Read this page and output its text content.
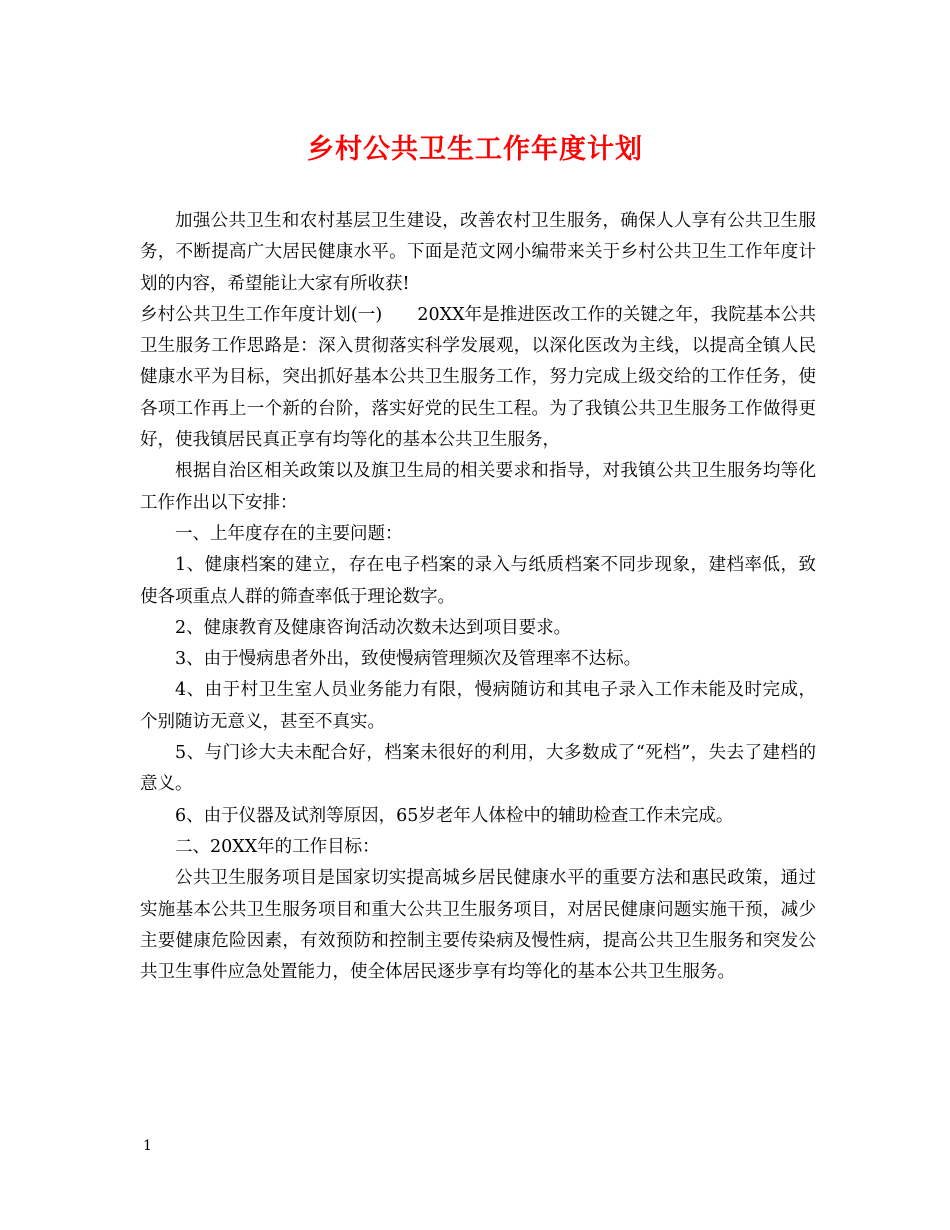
乡村公共卫生工作年度计划

加强公共卫生和农村基层卫生建设，改善农村卫生服务，确保人人享有公共卫生服务，不断提高广大居民健康水平。下面是范文网小编带来关于乡村公共卫生工作年度计划的内容，希望能让大家有所收获!

乡村公共卫生工作年度计划(一)　　20XX年是推进医改工作的关键之年，我院基本公共卫生服务工作思路是：深入贯彻落实科学发展观，以深化医改为主线，以提高全镇人民健康水平为目标，突出抓好基本公共卫生服务工作，努力完成上级交给的工作任务，使各项工作再上一个新的台阶，落实好党的民生工程。为了我镇公共卫生服务工作做得更好，使我镇居民真正享有均等化的基本公共卫生服务，

根据自治区相关政策以及旗卫生局的相关要求和指导，对我镇公共卫生服务均等化工作作出以下安排：

一、上年度存在的主要问题：

1、健康档案的建立，存在电子档案的录入与纸质档案不同步现象，建档率低，致使各项重点人群的筛查率低于理论数字。

2、健康教育及健康咨询活动次数未达到项目要求。

3、由于慢病患者外出，致使慢病管理频次及管理率不达标。

4、由于村卫生室人员业务能力有限，慢病随访和其电子录入工作未能及时完成，个别随访无意义，甚至不真实。

5、与门诊大夫未配合好，档案未很好的利用，大多数成了“死档”，失去了建档的意义。

6、由于仪器及试剂等原因，65岁老年人体检中的辅助检查工作未完成。

二、20XX年的工作目标：

公共卫生服务项目是国家切实提高城乡居民健康水平的重要方法和惠民政策，通过实施基本公共卫生服务项目和重大公共卫生服务项目，对居民健康问题实施干预，减少主要健康危险因素，有效预防和控制主要传染病及慢性病，提高公共卫生服务和突发公共卫生事件应急处置能力，使全体居民逐步享有均等化的基本公共卫生服务。

1
